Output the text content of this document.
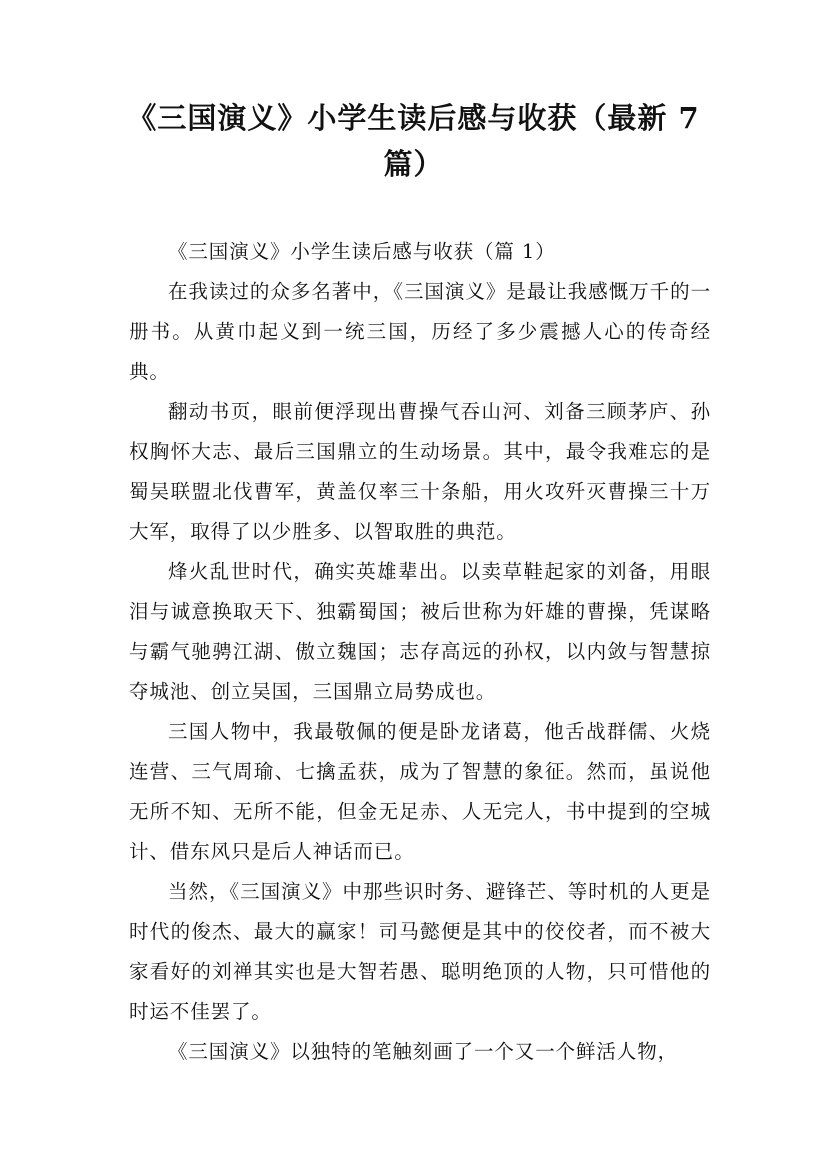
《三国演义》小学生读后感与收获（最新 7 篇）

《三国演义》小学生读后感与收获（篇 1）

在我读过的众多名著中，《三国演义》是最让我感慨万千的一册书。从黄巾起义到一统三国，历经了多少震撼人心的传奇经典。

翻动书页，眼前便浮现出曹操气吞山河、刘备三顾茅庐、孙权胸怀大志、最后三国鼎立的生动场景。其中，最令我难忘的是蜀吴联盟北伐曹军，黄盖仅率三十条船，用火攻歼灭曹操三十万大军，取得了以少胜多、以智取胜的典范。

烽火乱世时代，确实英雄辈出。以卖草鞋起家的刘备，用眼泪与诚意换取天下、独霸蜀国；被后世称为奸雄的曹操，凭谋略与霸气驰骋江湖、傲立魏国；志存高远的孙权，以内敛与智慧掠夺城池、创立吴国，三国鼎立局势成也。

三国人物中，我最敬佩的便是卧龙诸葛，他舌战群儒、火烧连营、三气周瑜、七擒孟获，成为了智慧的象征。然而，虽说他无所不知、无所不能，但金无足赤、人无完人，书中提到的空城计、借东风只是后人神话而已。

当然，《三国演义》中那些识时务、避锋芒、等时机的人更是时代的俊杰、最大的赢家！司马懿便是其中的佼佼者，而不被大家看好的刘禅其实也是大智若愚、聪明绝顶的人物，只可惜他的时运不佳罢了。

《三国演义》以独特的笔触刻画了一个又一个鲜活人物，
